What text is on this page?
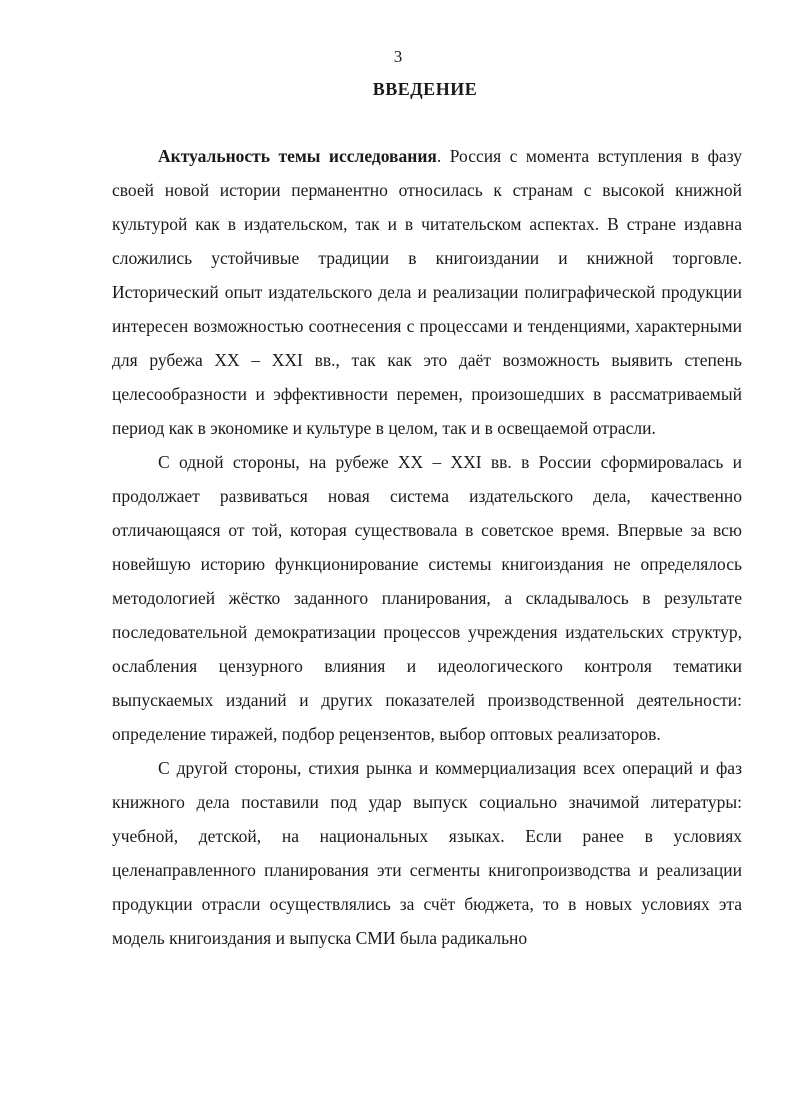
3

ВВЕДЕНИЕ

Актуальность темы исследования. Россия с момента вступления в фазу своей новой истории перманентно относилась к странам с высокой книжной культурой как в издательском, так и в читательском аспектах. В стране издавна сложились устойчивые традиции в книгоиздании и книжной торговле. Исторический опыт издательского дела и реализации полиграфической продукции интересен возможностью соотнесения с процессами и тенденциями, характерными для рубежа XX – XXI вв., так как это даёт возможность выявить степень целесообразности и эффективности перемен, произошедших в рассматриваемый период как в экономике и культуре в целом, так и в освещаемой отрасли.

С одной стороны, на рубеже XX – XXI вв. в России сформировалась и продолжает развиваться новая система издательского дела, качественно отличающаяся от той, которая существовала в советское время. Впервые за всю новейшую историю функционирование системы книгоиздания не определялось методологией жёстко заданного планирования, а складывалось в результате последовательной демократизации процессов учреждения издательских структур, ослабления цензурного влияния и идеологического контроля тематики выпускаемых изданий и других показателей производственной деятельности: определение тиражей, подбор рецензентов, выбор оптовых реализаторов.

С другой стороны, стихия рынка и коммерциализация всех операций и фаз книжного дела поставили под удар выпуск социально значимой литературы: учебной, детской, на национальных языках. Если ранее в условиях целенаправленного планирования эти сегменты книгопроизводства и реализации продукции отрасли осуществлялись за счёт бюджета, то в новых условиях эта модель книгоиздания и выпуска СМИ была радикально
